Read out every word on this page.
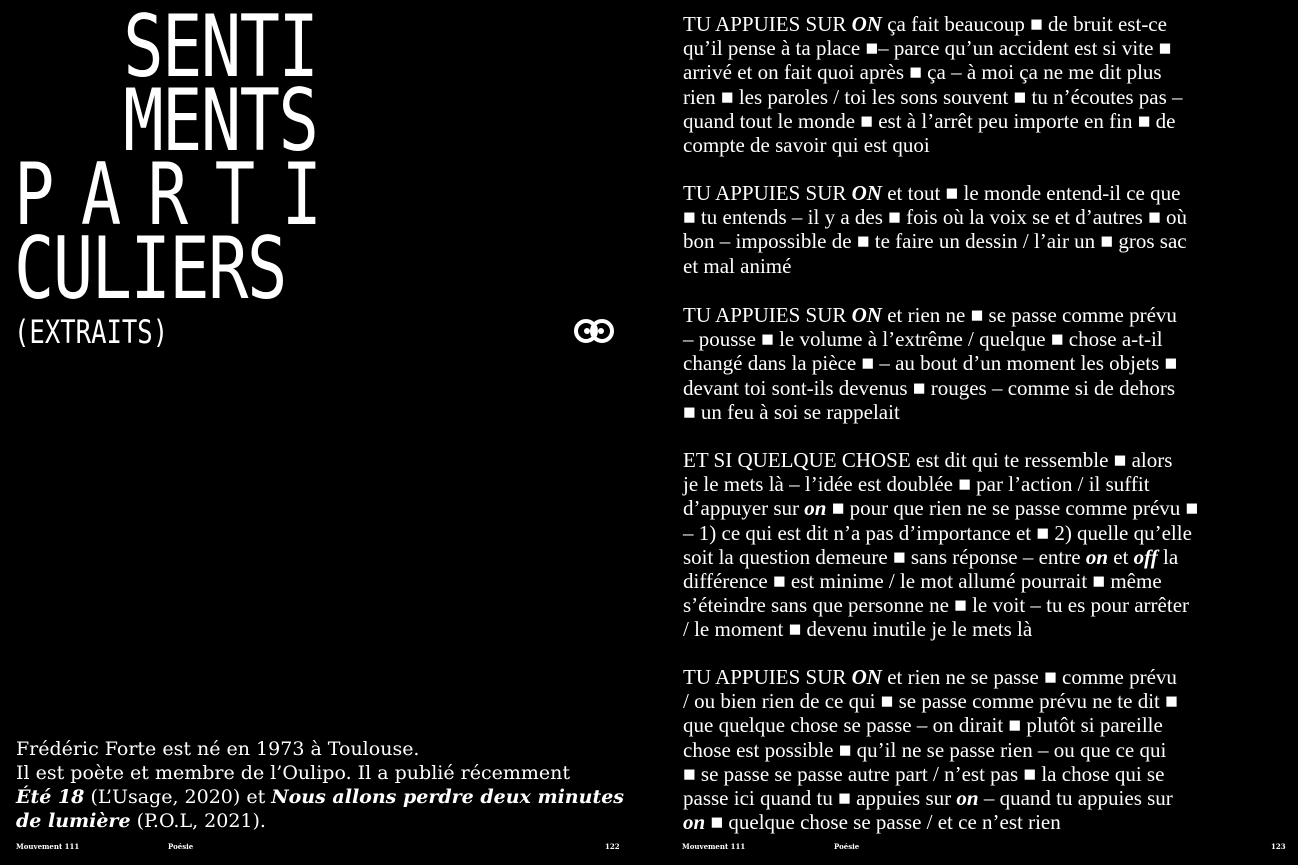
SENTI
MENTS
PARTI
CULIERS
(EXTRAITS)
Frédéric Forte est né en 1973 à Toulouse.
Il est poète et membre de l’Oulipo. Il a publié récemment
Été 18 (L’Usage, 2020) et Nous allons perdre deux minutes
de lumière (P.O.L, 2021).
Mouvement 111	Poésie	122
TU APPUIES SUR ON ça fait beaucoup ■ de bruit est-ce
qu’il pense à ta place ■– parce qu’un accident est si vite ■
arrivé et on fait quoi après ■ ça – à moi ça ne me dit plus
rien ■ les paroles / toi les sons souvent ■ tu n’écoutes pas –
quand tout le monde ■ est à l’arrêt peu importe en fin ■ de
compte de savoir qui est quoi
TU APPUIES SUR ON et tout ■ le monde entend-il ce que
■ tu entends – il y a des ■ fois où la voix se et d’autres ■ où
bon – impossible de ■ te faire un dessin / l’air un ■ gros sac
et mal animé
TU APPUIES SUR ON et rien ne ■ se passe comme prévu
– pousse ■ le volume à l’extrême / quelque ■ chose a-t-il
changé dans la pièce ■ – au bout d’un moment les objets ■
devant toi sont-ils devenus ■ rouges – comme si de dehors
■ un feu à soi se rappelait
ET SI QUELQUE CHOSE est dit qui te ressemble ■ alors
je le mets là – l’idée est doublée ■ par l’action / il suffit
d’appuyer sur on ■ pour que rien ne se passe comme prévu ■
– 1) ce qui est dit n’a pas d’importance et ■ 2) quelle qu’elle
soit la question demeure ■ sans réponse – entre on et off la
différence ■ est minime / le mot allumé pourrait ■ même
s’éteindre sans que personne ne ■ le voit – tu es pour arrêter
/ le moment ■ devenu inutile je le mets là
TU APPUIES SUR ON et rien ne se passe ■ comme prévu
/ ou bien rien de ce qui ■ se passe comme prévu ne te dit ■
que quelque chose se passe – on dirait ■ plutôt si pareille
chose est possible ■ qu’il ne se passe rien – ou que ce qui
■ se passe se passe autre part / n’est pas ■ la chose qui se
passe ici quand tu ■ appuies sur on – quand tu appuies sur
on ■ quelque chose se passe / et ce n’est rien
Mouvement 111	Poésie	123
